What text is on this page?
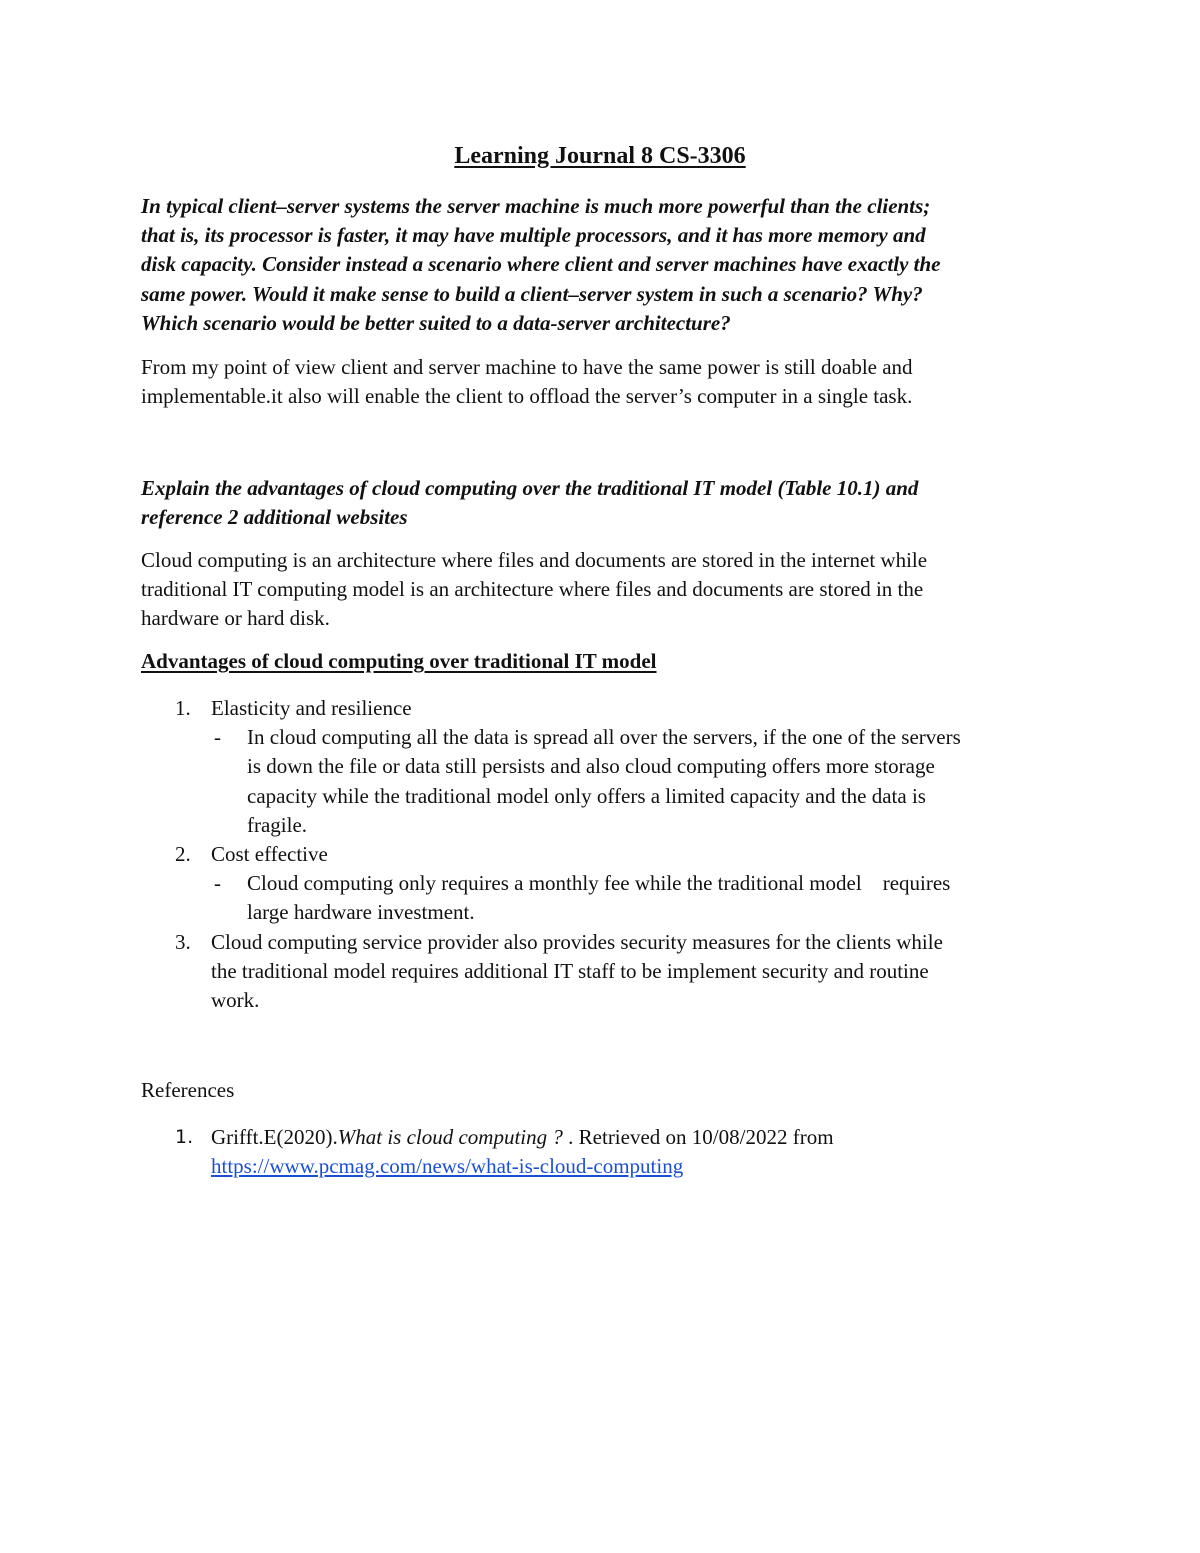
Learning Journal 8 CS-3306
In typical client–server systems the server machine is much more powerful than the clients;
that is, its processor is faster, it may have multiple processors, and it has more memory and
disk capacity. Consider instead a scenario where client and server machines have exactly the
same power. Would it make sense to build a client–server system in such a scenario? Why?
Which scenario would be better suited to a data-server architecture?
From my point of view client and server machine to have the same power is still doable and
implementable.it also will enable the client to offload the server’s computer in a single task.
Explain the advantages of cloud computing over the traditional IT model (Table 10.1) and
reference 2 additional websites
Cloud computing is an architecture where files and documents are stored in the internet while
traditional IT computing model is an architecture where files and documents are stored in the
hardware or hard disk.
Advantages of cloud computing over traditional IT model
1. Elasticity and resilience
- In cloud computing all the data is spread all over the servers, if the one of the servers
is down the file or data still persists and also cloud computing offers more storage
capacity while the traditional model only offers a limited capacity and the data is
fragile.
2. Cost effective
- Cloud computing only requires a monthly fee while the traditional model    requires
large hardware investment.
3. Cloud computing service provider also provides security measures for the clients while
the traditional model requires additional IT staff to be implement security and routine
work.
References
1. Grifft.E(2020).What is cloud computing ? . Retrieved on 10/08/2022 from
https://www.pcmag.com/news/what-is-cloud-computing
